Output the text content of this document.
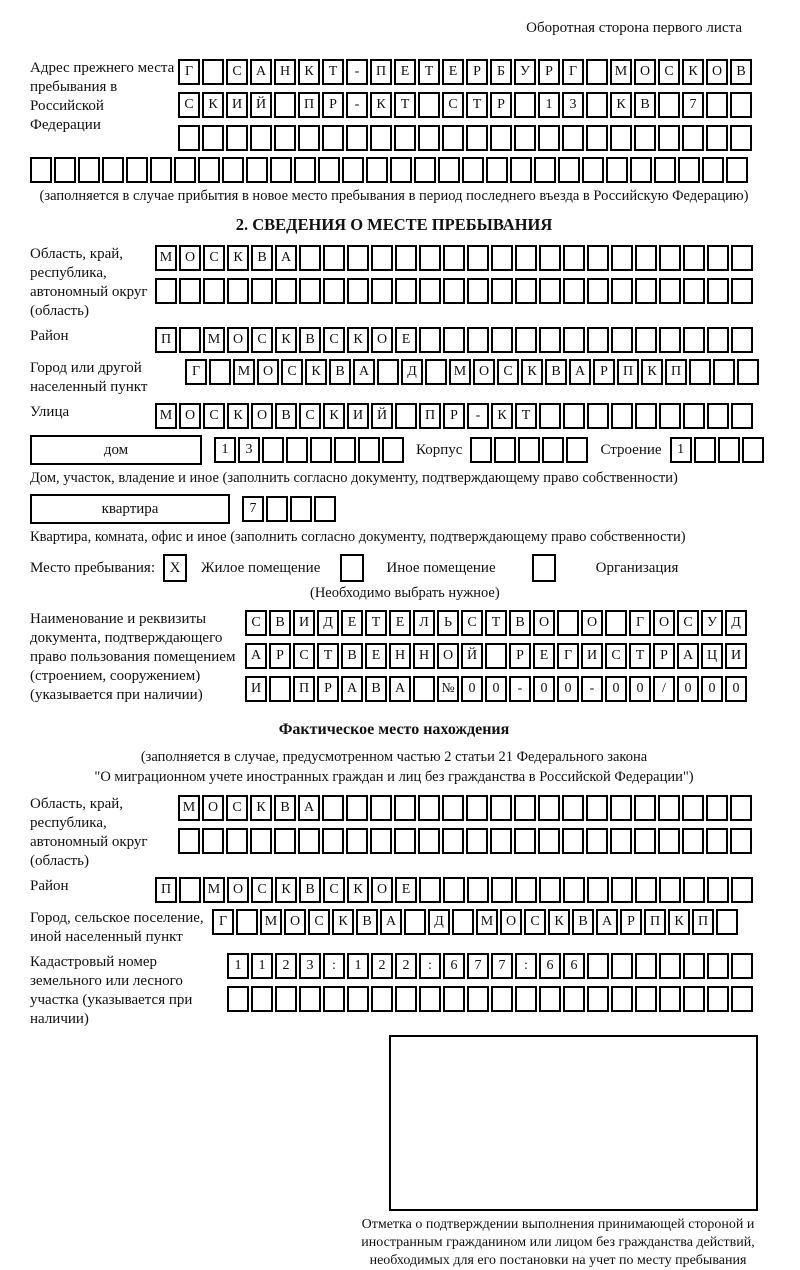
Оборотная сторона первого листа
Адрес прежнего места пребывания в Российской Федерации
Г	С	А Н	К	Т	-	П	Е	Т	Е	Р	Б	У	Р	Г	М О	С	К	О	В
С	К	И Й	П	Р	-	К	Т	С	Т	Р	1	3	К	В	7
(заполняется в случае прибытия в новое место пребывания в период последнего въезда в Российскую Федерацию)
2. СВЕДЕНИЯ О МЕСТЕ ПРЕБЫВАНИЯ
Область, край, республика, автономный округ (область)
М О	С	К	В	А
Район	П	М О	С	К	В	С	К	О	Е
Город или другой населенный пункт
Г	М О	С	К	В	А	Д	М О	С	К	В	А	Р	П	К	П
Улица	М О	С	К	О	В	С	К	И Й	П	Р	-	К	Т
дом	1	3	Корпус	Строение	1
Дом, участок, владение и иное (заполнить согласно документу, подтверждающему право собственности)
квартира	7
Квартира, комната, офис и иное (заполнить согласно документу, подтверждающему право собственности)
Место пребывания: X	Жилое помещение	Иное помещение	Организация
(Необходимо выбрать нужное)
Наименование и реквизиты документа, подтверждающего право пользования помещением (строением, сооружением) (указывается при наличии)
С	В	И	Д	Е	Т	Е	Л	Ь	С	Т	В	О	О	Г	О	С	У	Д
А	Р	С	Т	В	Е	Н Н О Й	Р	Е	Г	И	С	Т	Р	А Ц И
И	П	Р	А	В	А	№ 0	0	-	0	0	-	0	0	/	0	0	0
Фактическое место нахождения
(заполняется в случае, предусмотренном частью 2 статьи 21 Федерального закона
"О миграционном учете иностранных граждан и лиц без гражданства в Российской Федерации")
Область, край, республика, автономный округ (область)
М О	С	К	В	А
Район	П	М О	С	К	В	С	К	О	Е
Город, сельское поселение, иной населенный пункт
Г	М О	С	К	В	А	Д	М О	С	К	В	А	Р	П	К	П
Кадастровый номер земельного или лесного участка (указывается при наличии)
1	1	2	3	:	1	2	2	:	6	7	7	:	6	6
Отметка о подтверждении выполнения принимающей стороной и иностранным гражданином или лицом без гражданства действий, необходимых для его постановки на учет по месту пребывания
